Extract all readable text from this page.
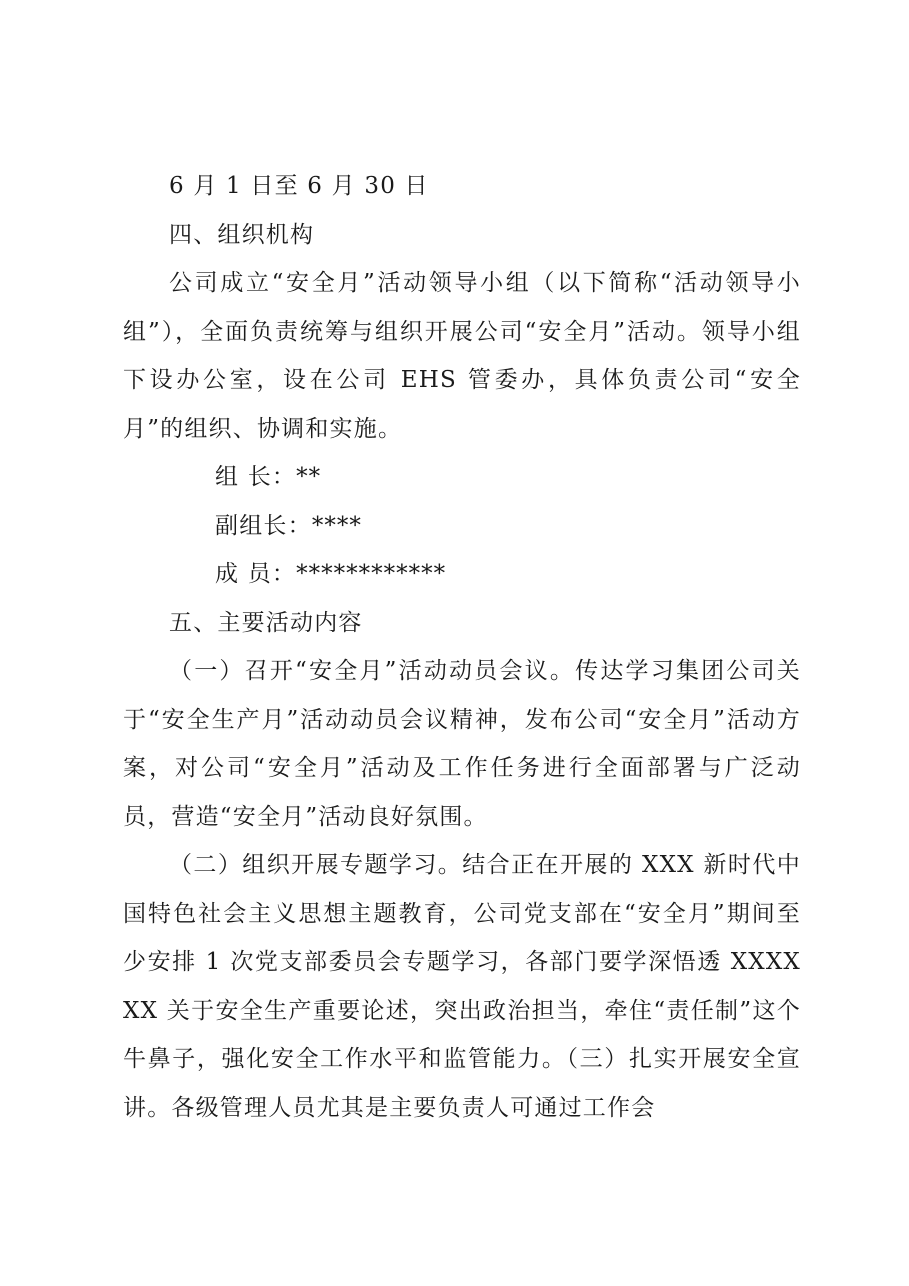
6 月 1 日至 6 月 30 日

四、组织机构

公司成立“安全月”活动领导小组（以下简称“活动领导小组”），全面负责统筹与组织开展公司“安全月”活动。领导小组下设办公室，设在公司 EHS 管委办，具体负责公司“安全月”的组织、协调和实施。

组 长：**

副组长：****

成 员：************

五、主要活动内容

（一）召开“安全月”活动动员会议。传达学习集团公司关于“安全生产月”活动动员会议精神，发布公司“安全月”活动方案，对公司“安全月”活动及工作任务进行全面部署与广泛动员，营造“安全月”活动良好氛围。

（二）组织开展专题学习。结合正在开展的 XXX 新时代中国特色社会主义思想主题教育，公司党支部在“安全月”期间至少安排 1 次党支部委员会专题学习，各部门要学深悟透 XXXXXX 关于安全生产重要论述，突出政治担当，牵住“责任制”这个牛鼻子，强化安全工作水平和监管能力。（三）扎实开展安全宣讲。各级管理人员尤其是主要负责人可通过工作会
